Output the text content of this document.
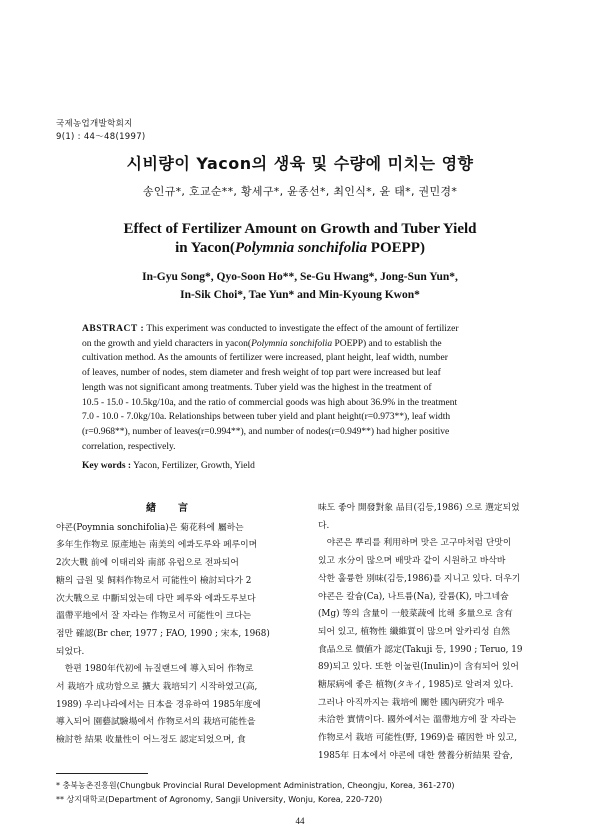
국제농업개발학회지
9(1) : 44～48(1997)
시비량이 Yacon의 생육 및 수량에 미치는 영향
송인규*, 호교순**, 황세구*, 윤종선*, 최인식*, 윤 태*, 권민경*
Effect of Fertilizer Amount on Growth and Tuber Yield
in Yacon(Polymnia sonchifolia POEPP)
In-Gyu Song*, Qyo-Soon Ho**, Se-Gu Hwang*, Jong-Sun Yun*,
In-Sik Choi*, Tae Yun* and Min-Kyoung Kwon*
ABSTRACT : This experiment was conducted to investigate the effect of the amount of fertilizer
on the growth and yield characters in yacon(Polymnia sonchifolia POEPP) and to establish the
cultivation method. As the amounts of fertilizer were increased, plant height, leaf width, number
of leaves, number of nodes, stem diameter and fresh weight of top part were increased but leaf
length was not significant among treatments. Tuber yield was the highest in the treatment of
10.5 - 15.0 - 10.5kg/10a, and the ratio of commercial goods was high about 36.9% in the treatment
7.0 - 10.0 - 7.0kg/10a. Relationships between tuber yield and plant height(r=0.973**), leaf width
(r=0.968**), number of leaves(r=0.994**), and number of nodes(r=0.949**) had higher positive
correlation, respectively.
Key words : Yacon, Fertilizer, Growth, Yield
緖言
야콘(Poymnia sonchifolia)은 菊花科에 屬하는
多年生作物로 原產地는 南美의 에콰도루와 페루이며
2次大戰 前에 이태리와 南部 유럽으로 전파되어
糖의 급원 및 飼料作物로서 可能性이 檢討되다가 2
次大戰으로 中斷되었는데 다만 페루와 에콰도루보다
溫帶平地에서 잘 자라는 作物로서 可能性이 크다는
점만 確認(Br cher, 1977 ; FAO, 1990 ; 宋本, 1968)
되었다.
　한편 1980年代初에 뉴질랜드에 導入되어 作物로
서 栽培가 成功함으로 擴大 栽培되기 시작하였고(高,
1989) 우리나라에서는 日本을 경유하여 1985年度에
導入되어 園藝試驗場에서 作物로서의 栽培可能性을
檢討한 結果 收量性이 어느정도 認定되었으며, 食
味도 좋아 開發對象 品目(김등,1986) 으로 選定되었
다.
　야콘은 뿌리를 利用하며 맛은 고구마처럼 단맛이
있고 水分이 많으며 배맛과 같이 시원하고 바삭바
삭한 훌륭한 別味(김등,1986)를 지니고 있다. 더우기
야콘은 칼슘(Ca), 나트륨(Na), 칼륨(K), 마그네슘
(Mg) 等의 含量이 一般菜蔬에 比해 多量으로 含有
되어 있고, 植物性 纖維質이 많으며 알카리성 自然
食品으로 價値가 認定(Takuji 등, 1990 ; Teruo, 19
89)되고 있다. 또한 이눌린(Inulin)이 含有되어 있어
糖尿病에 좋은 植物(タキイ, 1985)로 알려져 있다.
그러나 아직까지는 栽培에 關한 國內硏究가 매우
未洽한 實情이다. 國外에서는 溫帶地方에 잘 자라는
作物로서 栽培 可能性(野, 1969)을 確因한 바 있고,
1985年 日本에서 야콘에 대한 營養分析結果 칼슘,
* 충북농촌진흥원(Chungbuk Provincial Rural Development Administration, Cheongju, Korea, 361-270)
** 상지대학교(Department of Agronomy, Sangji University, Wonju, Korea, 220-720)
44
